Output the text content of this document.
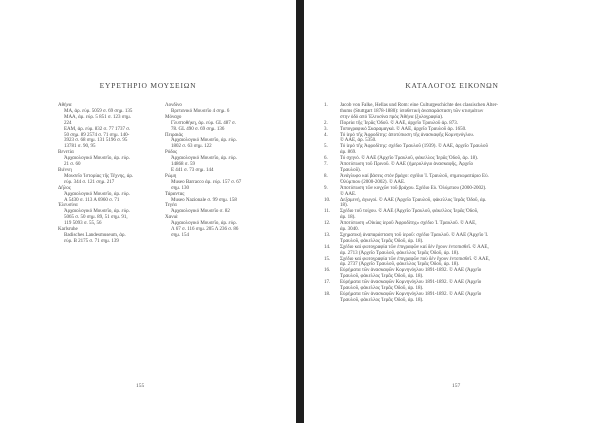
ΕΥΡΕΤΗΡΙΟ ΜΟΥΣΕΙΩΝ

Αθήνα

ΜΑ, άρ. εύρ. 5059 σ. 69 σημ. 135

ΜΑΑ, άρ. εύρ. 5 851 σ. 123 σημ.

224

ΕΑΜ, άρ. εύρ. 832 σ. 77 1737 σ.

50 σημ. 89 2574 σ. 71 σημ. 140-

3923 σ. 68 σημ. 131 5196 σ. 95

13781 σ. 90, 95

Βενετία

Ἀρχαιολογικό Μουσεῖο, άρ. εύρ.

21 σ. 60

Βιέννη

Μουσεῖο Ἱστορίας τῆς Τέχνης, άρ.

εύρ. 344 σ. 121 σημ. 217

Δῆλος

Ἀρχαιολογικό Μουσεῖο, άρ. εύρ.

Α 5430 σ. 113 Α 6960 σ. 71

Ἐλευσίνα

Ἀρχαιολογικό Μουσεῖο, άρ. εύρ.

5065 σ. 50 σημ. 89, 51 σημ. 91,

119 5093 σ. 55, 56

Karlsruhe

Badisches Landesmuseum, άρ.

εύρ. Β 2175 σ. 71 σημ. 139

Λονδίνο

Βρετανικό Μουσεῖο 4 σημ. 6

Μόναχο

Γλυπτοθήκη, άρ. εύρ. GL 487 σ.

78. GL 490 σ. 69 σημ. 136

Πειραιάς

Ἀρχαιολογικό Μουσεῖο, άρ. εύρ.

1802 σ. 63 σημ. 122

Ρόδος

Ἀρχαιολογικό Μουσεῖο, άρ. εύρ.

14868 σ. 59

Ε 441 σ. 73 σημ. 144

Ρώμη

Museo Barracco άρ. εύρ. 157 σ. 67

σημ. 130

Τάραντας

Museo Nazionale σ. 99 σημ. 158

Τεγέα

Ἀρχαιολογικό Μουσεῖο σ. 82

Χανιά

Ἀρχαιολογικό Μουσεῖο, άρ. εύρ.

Λ 67 σ. 116 σημ. 205 Λ 236 σ. 86

σημ. 154

155
ΚΑΤΑΛΟΓΟΣ ΕΙΚΟΝΩΝ
1.	Jacob von Falke, Hellas und Rom: eine Culturgeschichte des classischen Alter-
thums (Stuttgart 1878-1880): ὑποθετική ἀναπαράσταση τῶν κτισμάτων
στην ὁδό από Ἐλευσίνα πρός Ἀθήνα (ξυλογραφία).
2.	Πορεία τῆς Ἱερᾶς Ὁδοῦ. © ΑΑΕ, ἀρχεῖο Τραυλοῦ άρ. 873.
3.	Τοπογραφικό Σκαραμαγκά. © ΑΑΕ, ἀρχεῖο Τραυλοῦ άρ. 1650.
4.	Τό ἱερό τῆς Ἀφροδίτης: ἀποτύπωση τῆς ἀνασκαφῆς Κομνηνόγλου.
© ΑΑΕ, άρ. 5350.
5.	Τό ἱερό τῆς Ἀφροδίτης: σχέδιο Τραυλοῦ (1939). © ΑΑΕ, ἀρχεῖο Τραυλοῦ
άρ. 869.
6.	Τό σχηνό. © ΑΑΕ (Ἀρχεῖο Τραυλοῦ, φάκελλος Ἱερᾶς Ὁδοῦ, άρ. 18).
7.	Ἀποτύπωση τοῦ Πρινοῦ. © ΑΑΕ (ἡμερολόγιο ἀνασκαφῆς, Ἀρχεῖο
Τραυλοῦ).
8.	Ἀνάγλυφο καί βάσεις στόν βράχο: σχέδιο Ἰ. Τραυλοῦ, σημειωματάριο Εὐ.
Ὀλύμπιου (2000-2002). © ΑΑΕ.
9.	Ἀποτύπωση τῶν κογχῶν τοῦ βράχου. Σχέδιο Εὐ. Ὀλύμπιου (2000-2002).
© ΑΑΕ.
10.	Δεξαμενή, ἀγωγοί. © ΑΑΕ (Ἀρχεῖο Τραυλοῦ, φάκελλος Ἱερᾶς Ὁδοῦ, άρ.
18).
11.	Σχέδιο τοῦ τοίχου. © ΑΑΕ (Ἀρχεῖο Τραυλοῦ, φάκελλος Ἱερᾶς Ὁδοῦ,
άρ. 18).
12.	Ἀποτύπωση «Οἰκίας ἱεροῦ Ἀφροδίτης» σχέδιο Ἰ. Τραυλοῦ. © ΑΑΕ,
άρ. 3040.
13.	Σχηματική ἀναπαράσταση τοῦ ἱεροῦ: σχέδιο Τραυλοῦ. © ΑΑΕ (Ἀρχεῖο Ἰ.
Τραυλοῦ, φάκελλος Ἱερᾶς Ὁδοῦ, άρ. 18).
14.	Σχέδιο καί φωτογραφία τῶν ἐπιγραφῶν καί δέν ἔχουν ἐντοπισθεῖ. © ΑΑΕ,
άρ. 2713 (Ἀρχεῖο Τραυλοῦ, φάκελλος Ἱερᾶς Ὁδοῦ, άρ. 18).
15.	Σχέδιο καί φωτογραφία τῶν ἐπιγραφῶν πού δέν ἔχουν ἐντοπισθεῖ. © ΑΑΕ,
άρ. 2737 (Ἀρχεῖο Τραυλοῦ, φάκελλος Ἱερᾶς Ὁδοῦ, άρ. 18).
16.	Εὑρήματα τῶν ἀνασκαφῶν Κομνηνόγλου 1891-1892. © ΑΑΕ (Ἀρχεῖο
Τραυλοῦ, φάκελλος Ἱερᾶς Ὁδοῦ, άρ. 18).
17.	Εὑρήματα τῶν ἀνασκαφῶν Κομνηνόγλου 1891-1892. © ΑΑΕ (Ἀρχεῖο
Τραυλοῦ, φάκελλος Ἱερᾶς Ὁδοῦ, άρ. 18).
18.	Εὑρήματα τῶν ἀνασκαφῶν Κομνηνόγλου 1891-1892. © ΑΑΕ (Ἀρχεῖο
Τραυλοῦ, φάκελλος Ἱερᾶς Ὁδοῦ, άρ. 18).
157
